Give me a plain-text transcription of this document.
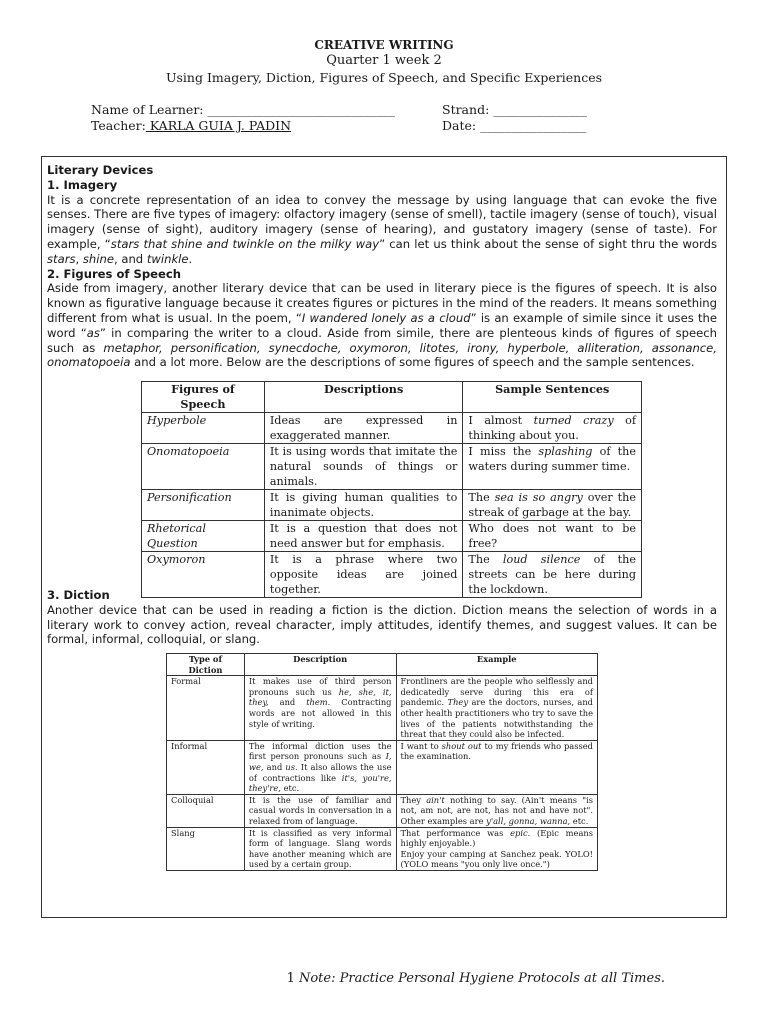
CREATIVE WRITING
Quarter 1 week 2
Using Imagery, Diction, Figures of Speech, and Specific Experiences
Name of Learner: ______________________________	Strand: _______________
Teacher: KARLA GUIA J. PADIN	Date: _________________

Literary Devices

1. Imagery

It is a concrete representation of an idea to convey the message by using language that can evoke the five senses. There are five types of imagery: olfactory imagery (sense of smell), tactile imagery (sense of touch), visual imagery (sense of sight), auditory imagery (sense of hearing), and gustatory imagery (sense of taste). For example, “stars that shine and twinkle on the milky way” can let us think about the sense of sight thru the words stars, shine, and twinkle.

2. Figures of Speech

Aside from imagery, another literary device that can be used in literary piece is the figures of speech. It is also known as figurative language because it creates figures or pictures in the mind of the readers. It means something different from what is usual. In the poem, “I wandered lonely as a cloud” is an example of simile since it uses the word “as” in comparing the writer to a cloud. Aside from simile, there are plenteous kinds of figures of speech such as metaphor, personification, synecdoche, oxymoron, litotes, irony, hyperbole, alliteration, assonance, onomatopoeia and a lot more. Below are the descriptions of some figures of speech and the sample sentences.

Figures of Speech	Descriptions	Sample Sentences
Hyperbole	Ideas are expressed in exaggerated manner.	I almost turned crazy of thinking about you.
Onomatopoeia	It is using words that imitate the natural sounds of things or animals.	I miss the splashing of the waters during summer time.
Personification	It is giving human qualities to inanimate objects.	The sea is so angry over the streak of garbage at the bay.
Rhetorical Question	It is a question that does not need answer but for emphasis.	Who does not want to be free?
Oxymoron	It is a phrase where two opposite ideas are joined together.	The loud silence of the streets can be here during the lockdown.

3. Diction

Another device that can be used in reading a fiction is the diction. Diction means the selection of words in a literary work to convey action, reveal character, imply attitudes, identify themes, and suggest values. It can be formal, informal, colloquial, or slang.

Type of Diction	Description	Example
Formal	It makes use of third person pronouns such us he, she, it, they, and them. Contracting words are not allowed in this style of writing.	Frontliners are the people who selflessly and dedicatedly serve during this era of pandemic. They are the doctors, nurses, and other health practitioners who try to save the lives of the patients notwithstanding the threat that they could also be infected.
Informal	The informal diction uses the first person pronouns such as I, we, and us. It also allows the use of contractions like it's, you're, they're, etc.	I want to shout out to my friends who passed the examination.
Colloquial	It is the use of familiar and casual words in conversation in a relaxed from of language.	They ain't nothing to say. (Ain't means "is not, am not, are not, has not and have not". Other examples are y'all, gonna, wanna, etc.
Slang	It is classified as very informal form of language. Slang words have another meaning which are used by a certain group.	That performance was epic. (Epic means highly enjoyable.)
Enjoy your camping at Sanchez peak. YOLO! (YOLO means "you only live once.")
1 Note: Practice Personal Hygiene Protocols at all Times.
